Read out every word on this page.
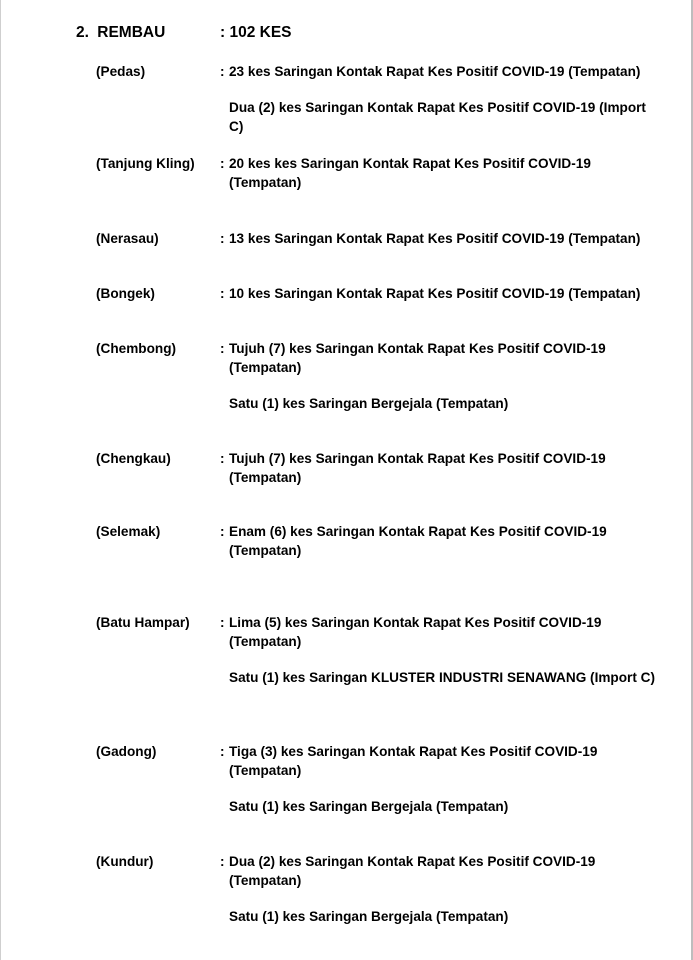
2. REMBAU	: 102 KES
(Pedas)	: 23 kes Saringan Kontak Rapat Kes Positif COVID-19 (Tempatan)
Dua (2) kes Saringan Kontak Rapat Kes Positif COVID-19 (Import C)
(Tanjung Kling) : 20 kes kes Saringan Kontak Rapat Kes Positif COVID-19 (Tempatan)
(Nerasau)	: 13 kes Saringan Kontak Rapat Kes Positif COVID-19 (Tempatan)
(Bongek)	: 10 kes Saringan Kontak Rapat Kes Positif COVID-19 (Tempatan)
(Chembong)	: Tujuh (7) kes Saringan Kontak Rapat Kes Positif COVID-19 (Tempatan)
Satu (1) kes Saringan Bergejala (Tempatan)
(Chengkau)	: Tujuh (7) kes Saringan Kontak Rapat Kes Positif COVID-19 (Tempatan)
(Selemak)	: Enam (6) kes Saringan Kontak Rapat Kes Positif COVID-19 (Tempatan)
(Batu Hampar) : Lima (5) kes Saringan Kontak Rapat Kes Positif COVID-19 (Tempatan)
Satu (1) kes Saringan KLUSTER INDUSTRI SENAWANG (Import C)
(Gadong)	: Tiga (3) kes Saringan Kontak Rapat Kes Positif COVID-19 (Tempatan)
Satu (1) kes Saringan Bergejala (Tempatan)
(Kundur)	: Dua (2) kes Saringan Kontak Rapat Kes Positif COVID-19 (Tempatan)
Satu (1) kes Saringan Bergejala (Tempatan)
